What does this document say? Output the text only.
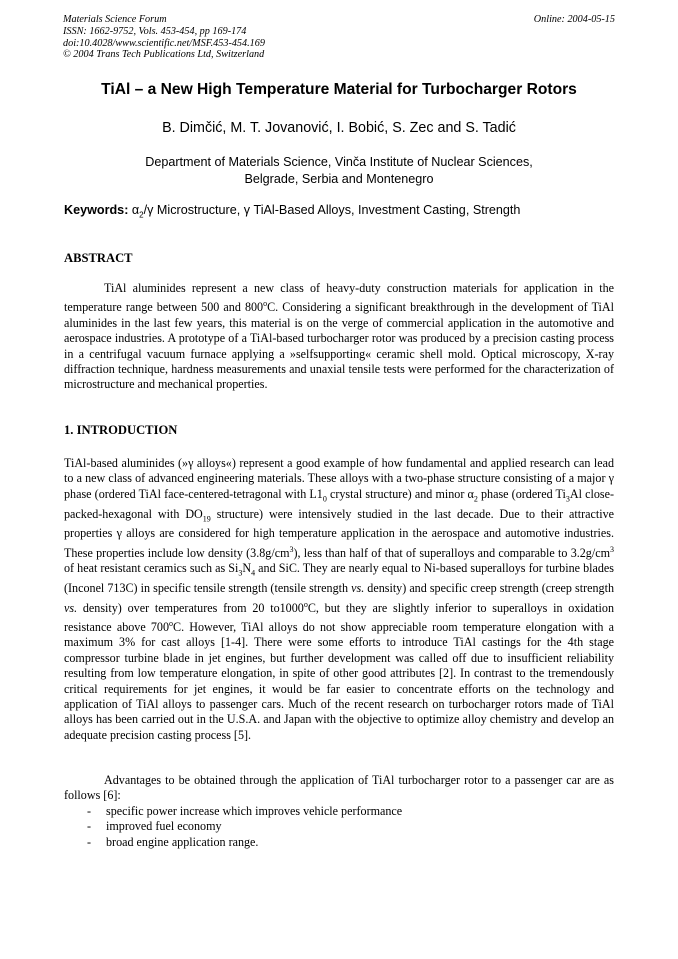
Materials Science Forum
ISSN: 1662-9752, Vols. 453-454, pp 169-174
doi:10.4028/www.scientific.net/MSF.453-454.169
© 2004 Trans Tech Publications Ltd, Switzerland
Online: 2004-05-15
TiAl – a New High Temperature Material for Turbocharger Rotors
B. Dimčić, M. T. Jovanović, I. Bobić, S. Zec and S. Tadić
Department of Materials Science, Vinča Institute of Nuclear Sciences,
Belgrade, Serbia and Montenegro
Keywords: $\alpha_2/\gamma$ Microstructure, γ TiAl-Based Alloys, Investment Casting, Strength
ABSTRACT

TiAl aluminides represent a new class of heavy-duty construction materials for application in the temperature range between 500 and 800$^o$C. Considering a significant breakthrough in the development of TiAl aluminides in the last few years, this material is on the verge of commercial application in the automotive and aerospace industries. A prototype of a TiAl-based turbocharger rotor was produced by a precision casting process in a centrifugal vacuum furnace applying a »selfsupporting« ceramic shell mold. Optical microscopy, X-ray diffraction technique, hardness measurements and unaxial tensile tests were performed for the characterization of microstructure and mechanical properties.

1. INTRODUCTION

TiAl-based aluminides (»γ alloys«) represent a good example of how fundamental and applied research can lead to a new class of advanced engineering materials. These alloys with a two-phase structure consisting of a major γ phase (ordered TiAl face-centered-tetragonal with $L1_0$ crystal structure) and minor $\alpha_2$ phase (ordered $Ti_3Al$ close-packed-hexagonal with $DO_{19}$ structure) were intensively studied in the last decade. Due to their attractive properties γ alloys are considered for high temperature application in the aerospace and automotive industries. These properties include low density $(3.8g/cm^3)$, less than half of that of superalloys and comparable to $3.2g/cm^3$ of heat resistant ceramics such as $Si_3N_4$ and SiC. They are nearly equal to Ni-based superalloys for turbine blades (Inconel 713C) in specific tensile strength (tensile strength vs. density) and specific creep strength (creep strength vs. density) over temperatures from 20 to1000$^o$C, but they are slightly inferior to superalloys in oxidation resistance above 700$^o$C. However, TiAl alloys do not show appreciable room temperature elongation with a maximum 3% for cast alloys [1-4]. There were some efforts to introduce TiAl castings for the 4th stage compressor turbine blade in jet engines, but further development was called off due to insufficient reliability resulting from low temperature elongation, in spite of other good attributes [2]. In contrast to the tremendously critical requirements for jet engines, it would be far easier to concentrate efforts on the technology and application of TiAl alloys to passenger cars. Much of the recent research on turbocharger rotors made of TiAl alloys has been carried out in the U.S.A. and Japan with the objective to optimize alloy chemistry and develop an adequate precision casting process [5].

Advantages to be obtained through the application of TiAl turbocharger rotor to a passenger car are as follows [6]:

- specific power increase which improves vehicle performance
- improved fuel economy
- broad engine application range.
